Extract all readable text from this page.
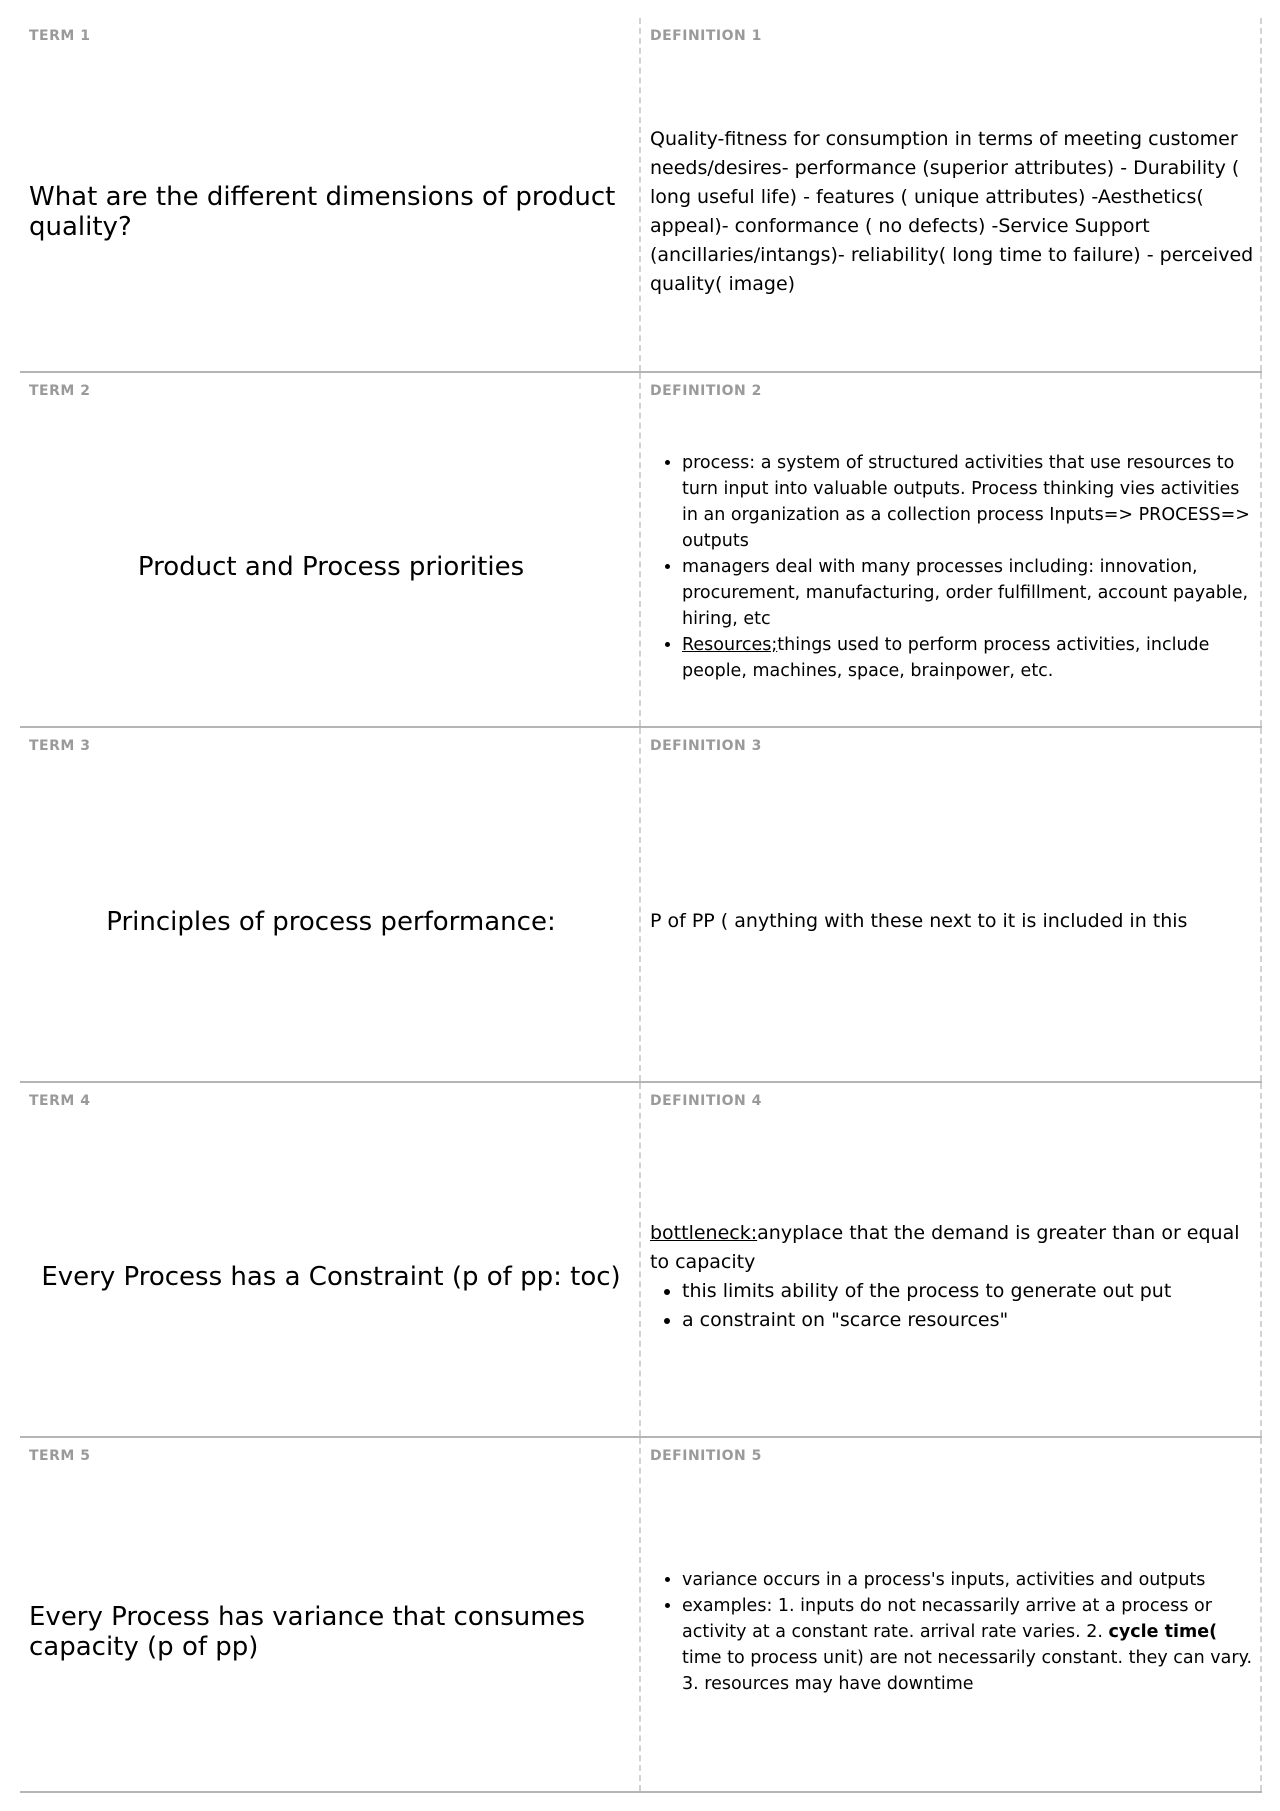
TERM 1
What are the different dimensions of product quality?
DEFINITION 1
Quality-fitness for consumption in terms of meeting customer needs/desires- performance (superior attributes) - Durability ( long useful life) - features ( unique attributes) -Aesthetics( appeal)- conformance ( no defects) -Service Support (ancillaries/intangs)- reliability( long time to failure) - perceived quality( image)
TERM 2
Product and Process priorities
DEFINITION 2
• process: a system of structured activities that use resources to turn input into valuable outputs. Process thinking vies activities in an organization as a collection process Inputs=> PROCESS=> outputs
• managers deal with many processes including: innovation, procurement, manufacturing, order fulfillment, account payable, hiring, etc
• Resources;things used to perform process activities, include people, machines, space, brainpower, etc.
TERM 3
Principles of process performance:
DEFINITION 3
P of PP ( anything with these next to it is included in this
TERM 4
Every Process has a Constraint (p of pp: toc)
DEFINITION 4
bottleneck:anyplace that the demand is greater than or equal to capacity
• this limits ability of the process to generate out put
• a constraint on "scarce resources"
TERM 5
Every Process has variance that consumes capacity (p of pp)
DEFINITION 5
• variance occurs in a process's inputs, activities and outputs
• examples: 1. inputs do not necassarily arrive at a process or activity at a constant rate. arrival rate varies. 2. cycle time( time to process unit) are not necessarily constant. they can vary. 3. resources may have downtime
